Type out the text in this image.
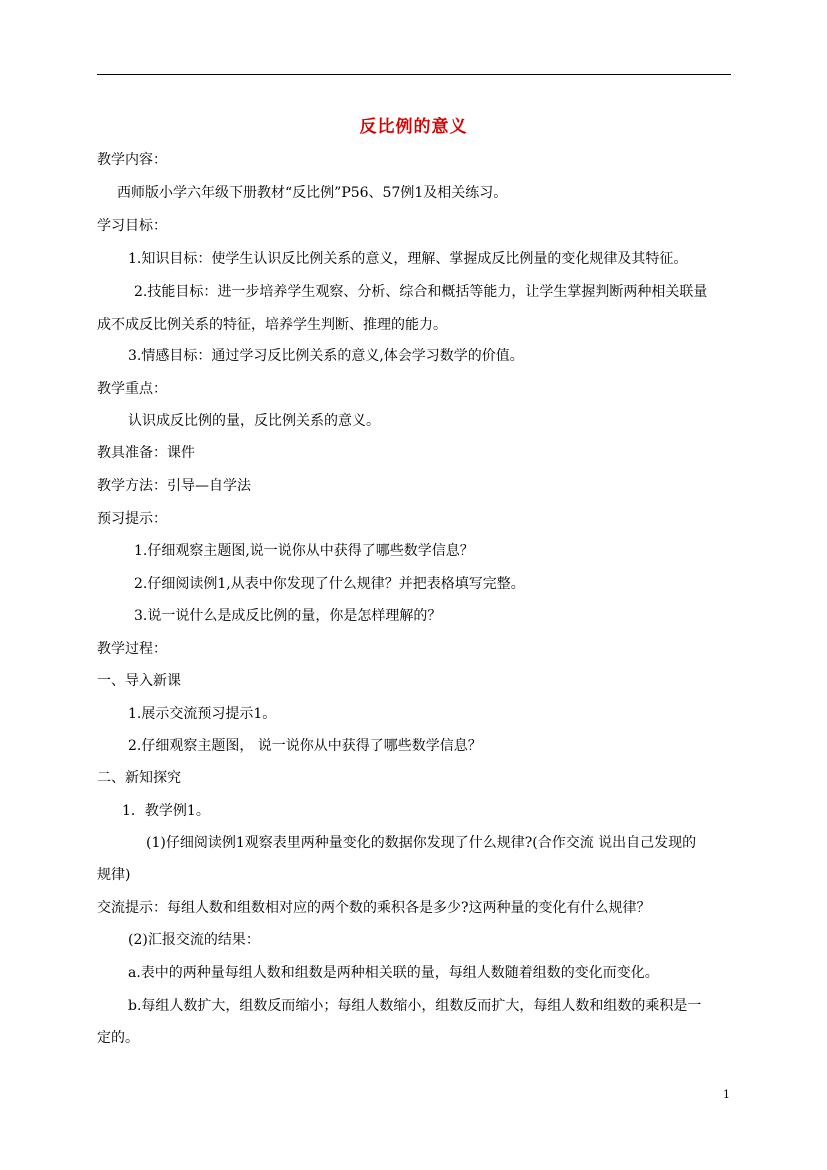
反比例的意义
教学内容：
西师版小学六年级下册教材“反比例”P56、57例1及相关练习。
学习目标：
1.知识目标：使学生认识反比例关系的意义，理解、掌握成反比例量的变化规律及其特征。
2.技能目标：进一步培养学生观察、分析、综合和概括等能力，让学生掌握判断两种相关联量
成不成反比例关系的特征，培养学生判断、推理的能力。
3.情感目标：通过学习反比例关系的意义,体会学习数学的价值。
教学重点：
认识成反比例的量，反比例关系的意义。
教具准备：课件
教学方法：引导—自学法
预习提示：
1.仔细观察主题图,说一说你从中获得了哪些数学信息？
2.仔细阅读例1,从表中你发现了什么规律？并把表格填写完整。
3.说一说什么是成反比例的量，你是怎样理解的？
教学过程：
一、导入新课
1.展示交流预习提示1。
2.仔细观察主题图， 说一说你从中获得了哪些数学信息？
二、新知探究
1．教学例1。
(1)仔细阅读例1观察表里两种量变化的数据你发现了什么规律?(合作交流 说出自己发现的
规律)
交流提示：每组人数和组数相对应的两个数的乘积各是多少?这两种量的变化有什么规律？
(2)汇报交流的结果：
a.表中的两种量每组人数和组数是两种相关联的量，每组人数随着组数的变化而变化。
b.每组人数扩大，组数反而缩小；每组人数缩小，组数反而扩大，每组人数和组数的乘积是一
定的。
1
